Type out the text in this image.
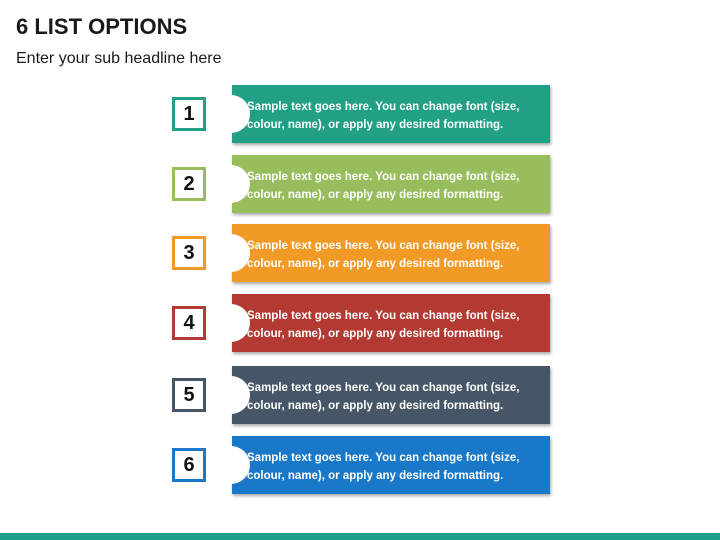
6 LIST OPTIONS
Enter your sub headline here
1	Sample text goes here. You can change font (size, colour, name), or apply any desired formatting.
2	Sample text goes here. You can change font (size, colour, name), or apply any desired formatting.
3	Sample text goes here. You can change font (size, colour, name), or apply any desired formatting.
4	Sample text goes here. You can change font (size, colour, name), or apply any desired formatting.
5	Sample text goes here. You can change font (size, colour, name), or apply any desired formatting.
6	Sample text goes here. You can change font (size, colour, name), or apply any desired formatting.
